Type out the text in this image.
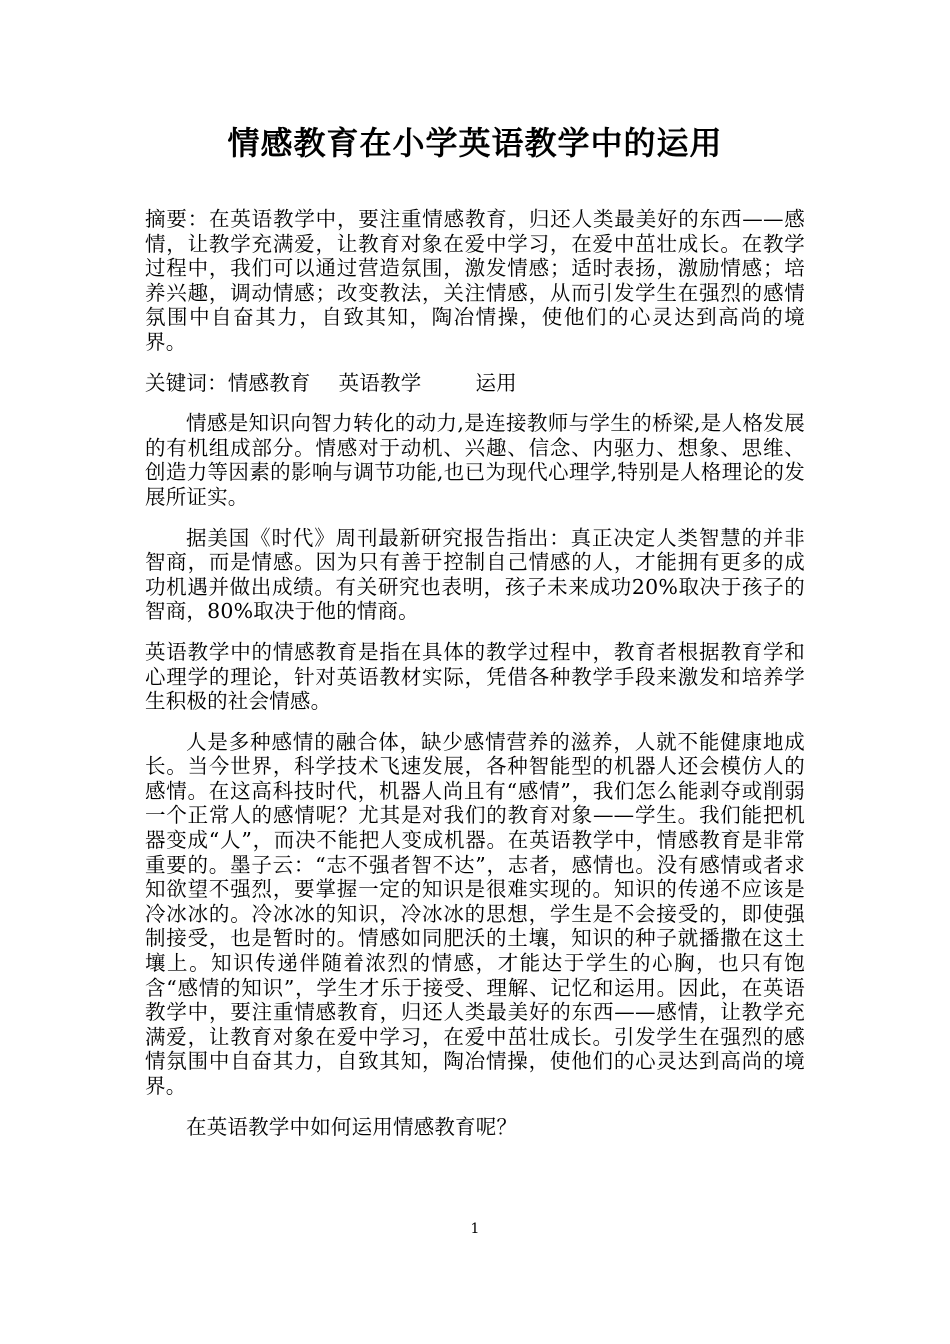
情感教育在小学英语教学中的运用

摘要：在英语教学中，要注重情感教育，归还人类最美好的东西——感情，让教学充满爱，让教育对象在爱中学习，在爱中茁壮成长。在教学过程中，我们可以通过营造氛围，激发情感；适时表扬，激励情感；培养兴趣，调动情感；改变教法，关注情感，从而引发学生在强烈的感情氛围中自奋其力，自致其知，陶冶情操，使他们的心灵达到高尚的境界。

关键词：情感教育 英语教学	运用

情感是知识向智力转化的动力,是连接教师与学生的桥梁,是人格发展的有机组成部分。情感对于动机、兴趣、信念、内驱力、想象、思维、创造力等因素的影响与调节功能,也已为现代心理学,特别是人格理论的发展所证实。

据美国《时代》周刊最新研究报告指出：真正决定人类智慧的并非智商，而是情感。因为只有善于控制自己情感的人，才能拥有更多的成功机遇并做出成绩。有关研究也表明，孩子未来成功20%取决于孩子的智商，80%取决于他的情商。

英语教学中的情感教育是指在具体的教学过程中，教育者根据教育学和心理学的理论，针对英语教材实际，凭借各种教学手段来激发和培养学生积极的社会情感。

人是多种感情的融合体，缺少感情营养的滋养，人就不能健康地成长。当今世界，科学技术飞速发展，各种智能型的机器人还会模仿人的感情。在这高科技时代，机器人尚且有“感情”，我们怎么能剥夺或削弱一个正常人的感情呢？尤其是对我们的教育对象——学生。我们能把机器变成“人”，而决不能把人变成机器。在英语教学中，情感教育是非常重要的。墨子云：“志不强者智不达”，志者，感情也。没有感情或者求知欲望不强烈，要掌握一定的知识是很难实现的。知识的传递不应该是冷冰冰的。冷冰冰的知识，冷冰冰的思想，学生是不会接受的，即使强制接受，也是暂时的。情感如同肥沃的土壤，知识的种子就播撒在这土壤上。知识传递伴随着浓烈的情感，才能达于学生的心胸，也只有饱含“感情的知识”，学生才乐于接受、理解、记忆和运用。因此，在英语教学中，要注重情感教育，归还人类最美好的东西——感情，让教学充满爱，让教育对象在爱中学习，在爱中茁壮成长。引发学生在强烈的感情氛围中自奋其力，自致其知，陶冶情操，使他们的心灵达到高尚的境界。

在英语教学中如何运用情感教育呢？

1
